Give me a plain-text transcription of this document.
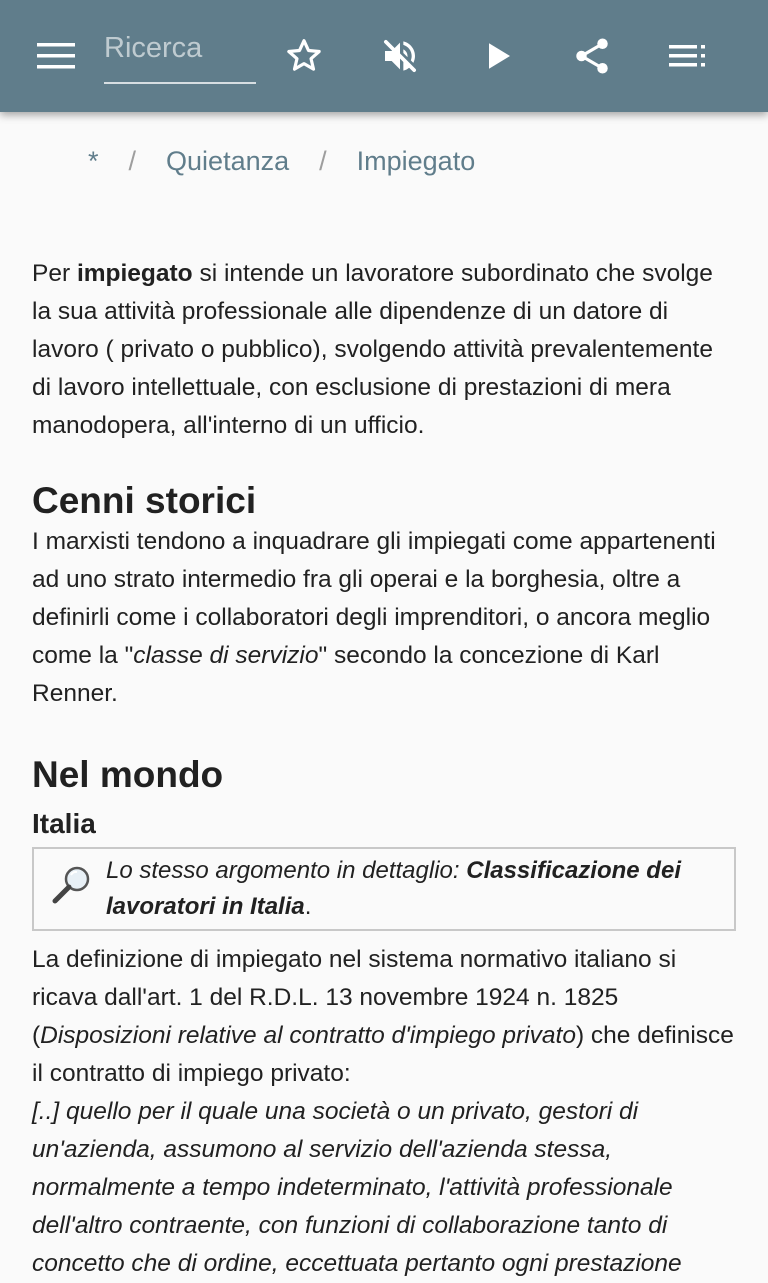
Ricerca
* / Quietanza / Impiegato

Per impiegato si intende un lavoratore subordinato che svolge la sua attività professionale alle dipendenze di un datore di lavoro ( privato o pubblico), svolgendo attività prevalentemente di lavoro intellettuale, con esclusione di prestazioni di mera manodopera, all'interno di un ufficio.

Cenni storici

I marxisti tendono a inquadrare gli impiegati come appartenenti ad uno strato intermedio fra gli operai e la borghesia, oltre a definirli come i collaboratori degli imprenditori, o ancora meglio come la "classe di servizio" secondo la concezione di Karl Renner.

Nel mondo
Italia
Lo stesso argomento in dettaglio: Classificazione dei lavoratori in Italia.

La definizione di impiegato nel sistema normativo italiano si ricava dall'art. 1 del R.D.L. 13 novembre 1924 n. 1825 (Disposizioni relative al contratto d'impiego privato) che definisce il contratto di impiego privato:

[..] quello per il quale una società o un privato, gestori di un'azienda, assumono al servizio dell'azienda stessa, normalmente a tempo indeterminato, l'attività professionale dell'altro contraente, con funzioni di collaborazione tanto di concetto che di ordine, eccettuata pertanto ogni prestazione
